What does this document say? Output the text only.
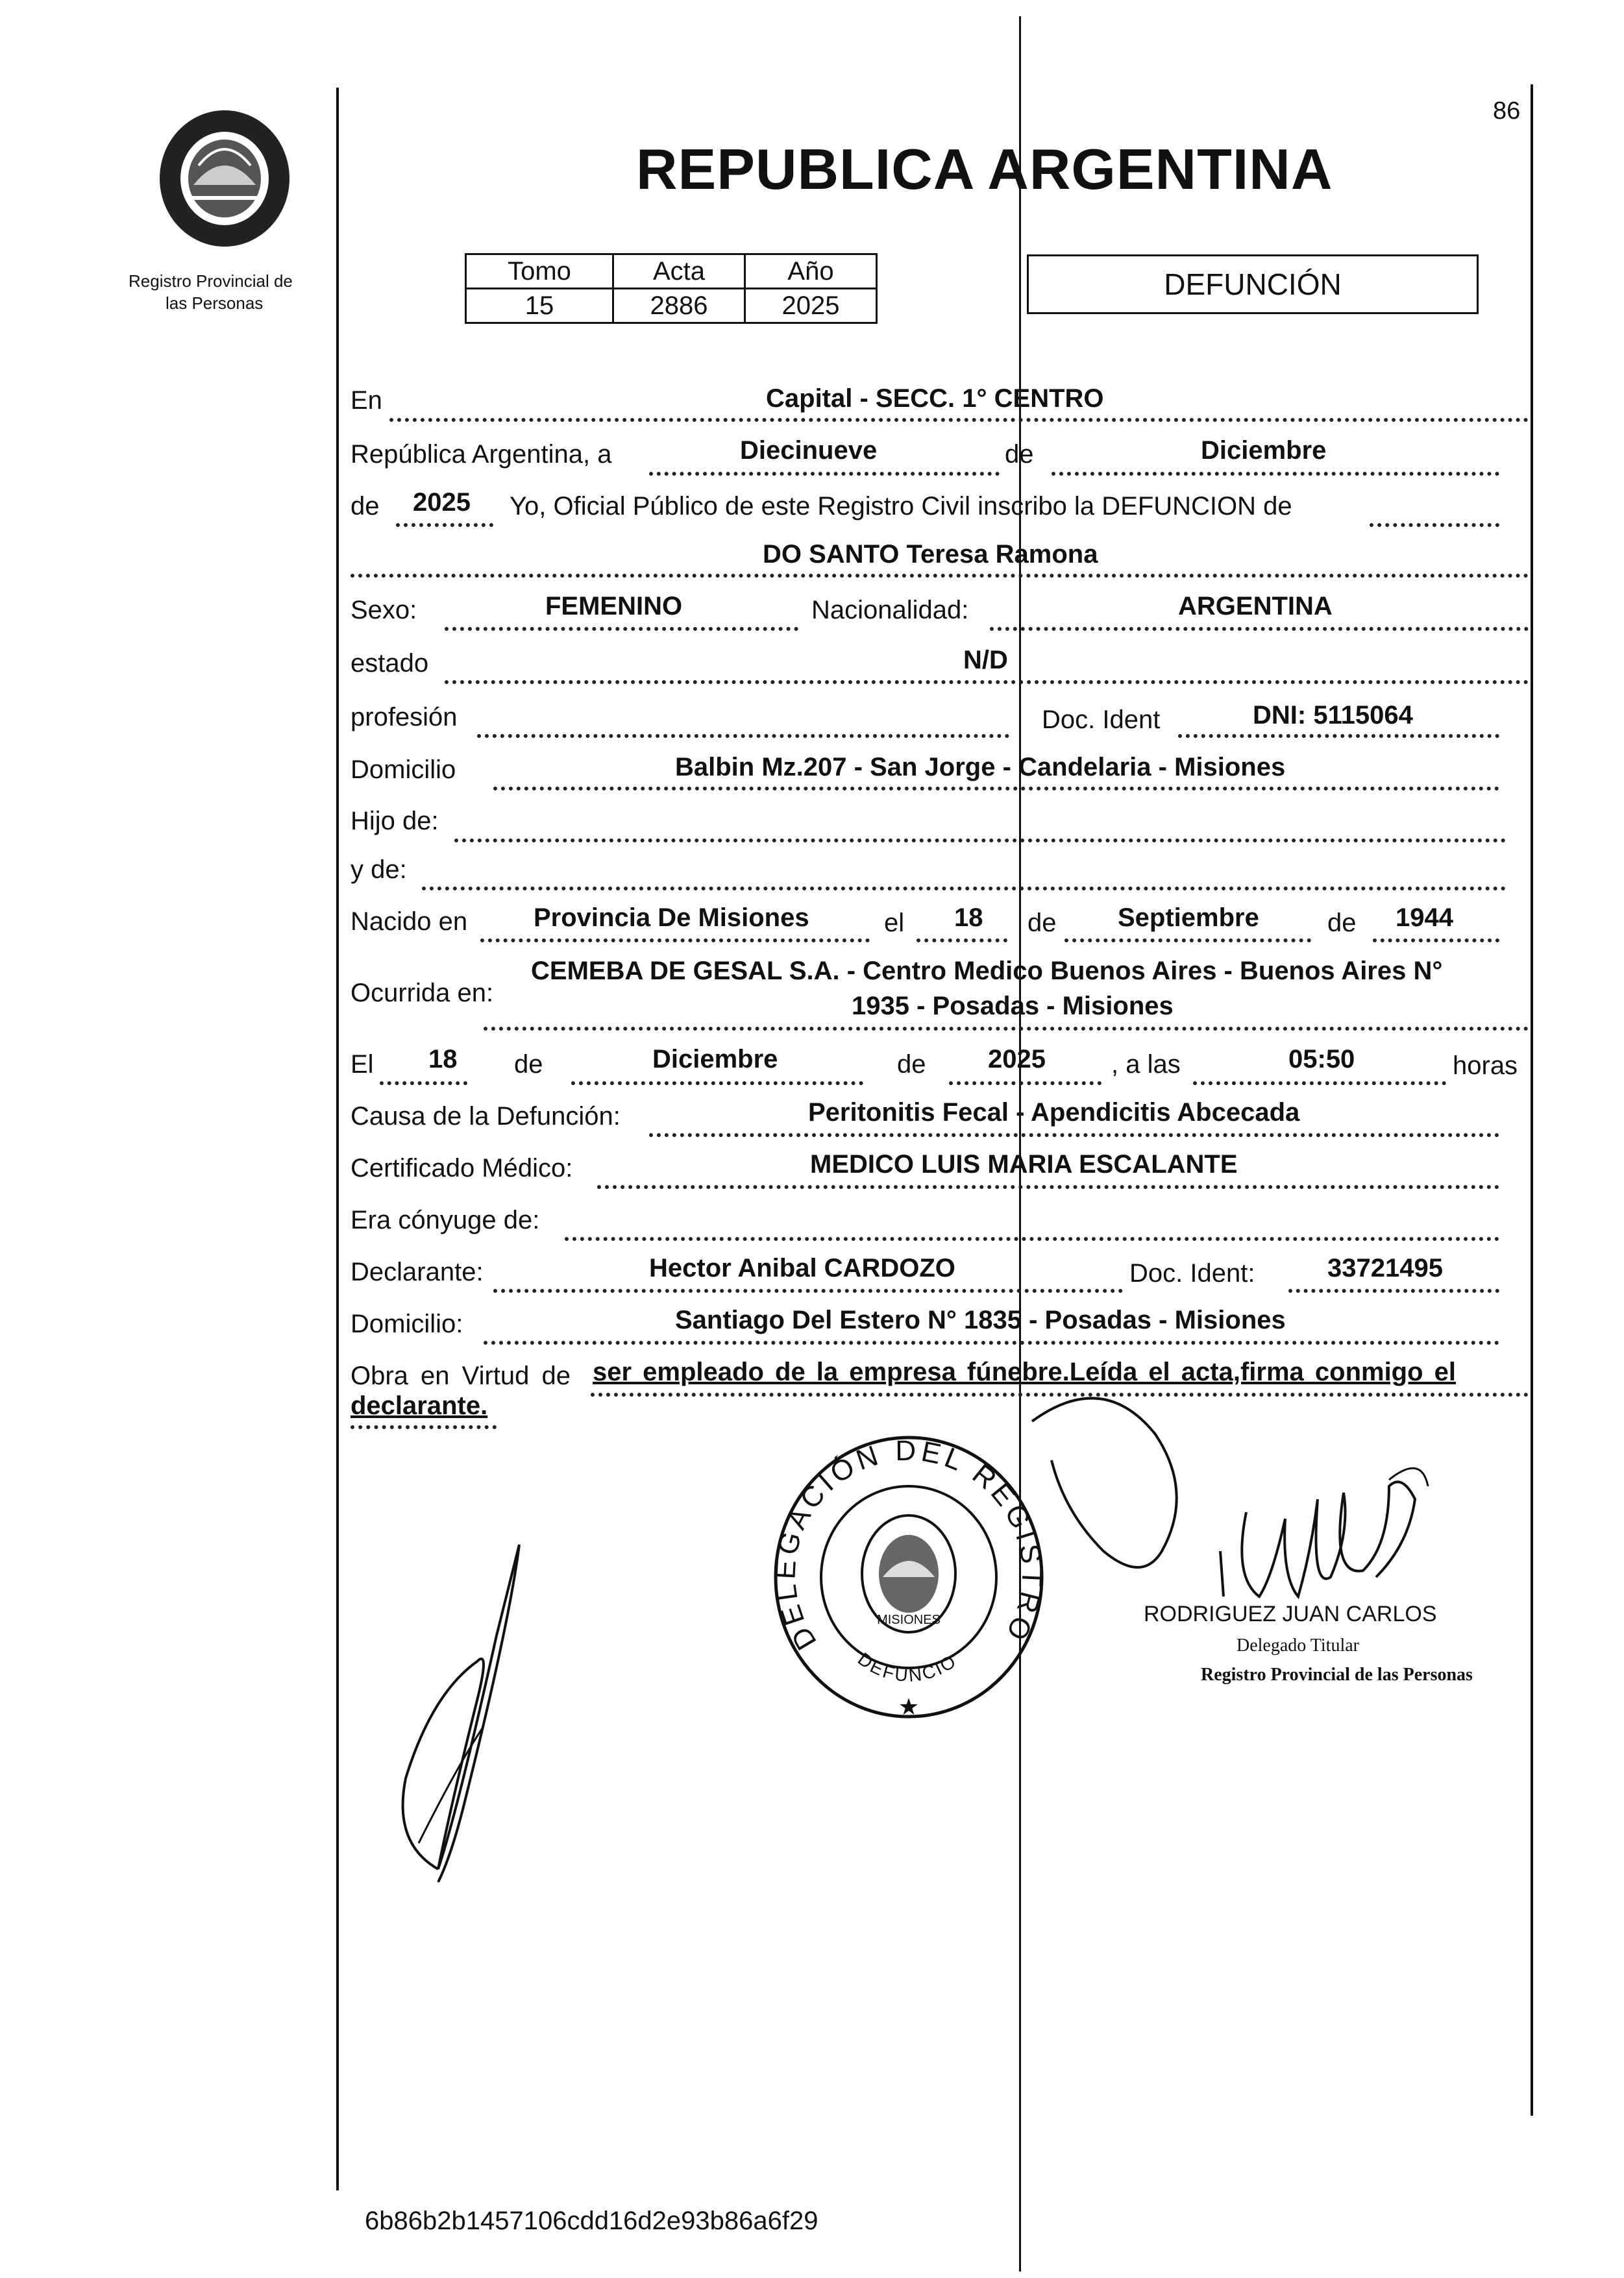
86
Registro Provincial de
las Personas
REPUBLICA ARGENTINA
Tomo	Acta	Año
15	2886	2025
DEFUNCIÓN
En	Capital - SECC. 1° CENTRO
República Argentina, a	Diecinueve	de	Diciembre
de 2025 Yo, Oficial Público de este Registro Civil inscribo la DEFUNCION de
DO SANTO Teresa Ramona
Sexo:	FEMENINO	Nacionalidad:	ARGENTINA
estado	N/D
profesión	Doc. Ident	DNI: 5115064
Domicilio	Balbin Mz.207 - San Jorge - Candelaria - Misiones
Hijo de:
y de:
Nacido en	Provincia De Misiones	el 18 de Septiembre	de 1944
Ocurrida en:
CEMEBA DE GESAL S.A. - Centro Medico Buenos Aires - Buenos Aires N°
1935 - Posadas - Misiones
El 18 de	Diciembre	de 2025	, a las	05:50	horas
Causa de la Defunción:	Peritonitis Fecal - Apendicitis Abcecada
Certificado Médico:	MEDICO LUIS MARIA ESCALANTE
Era cónyuge de:
Declarante:	Hector Anibal CARDOZO	Doc. Ident:	33721495
Domicilio:	Santiago Del Estero N° 1835 - Posadas - Misiones
Obra en Virtud de ser empleado de la empresa fúnebre.Leída el acta,firma conmigo el
declarante.
DELEGACIÓN DEL REGISTRO
DEFUNCIO
MISIONES
★
RODRIGUEZ JUAN CARLOS
Delegado Titular
Registro Provincial de las Personas
6b86b2b1457106cdd16d2e93b86a6f29
